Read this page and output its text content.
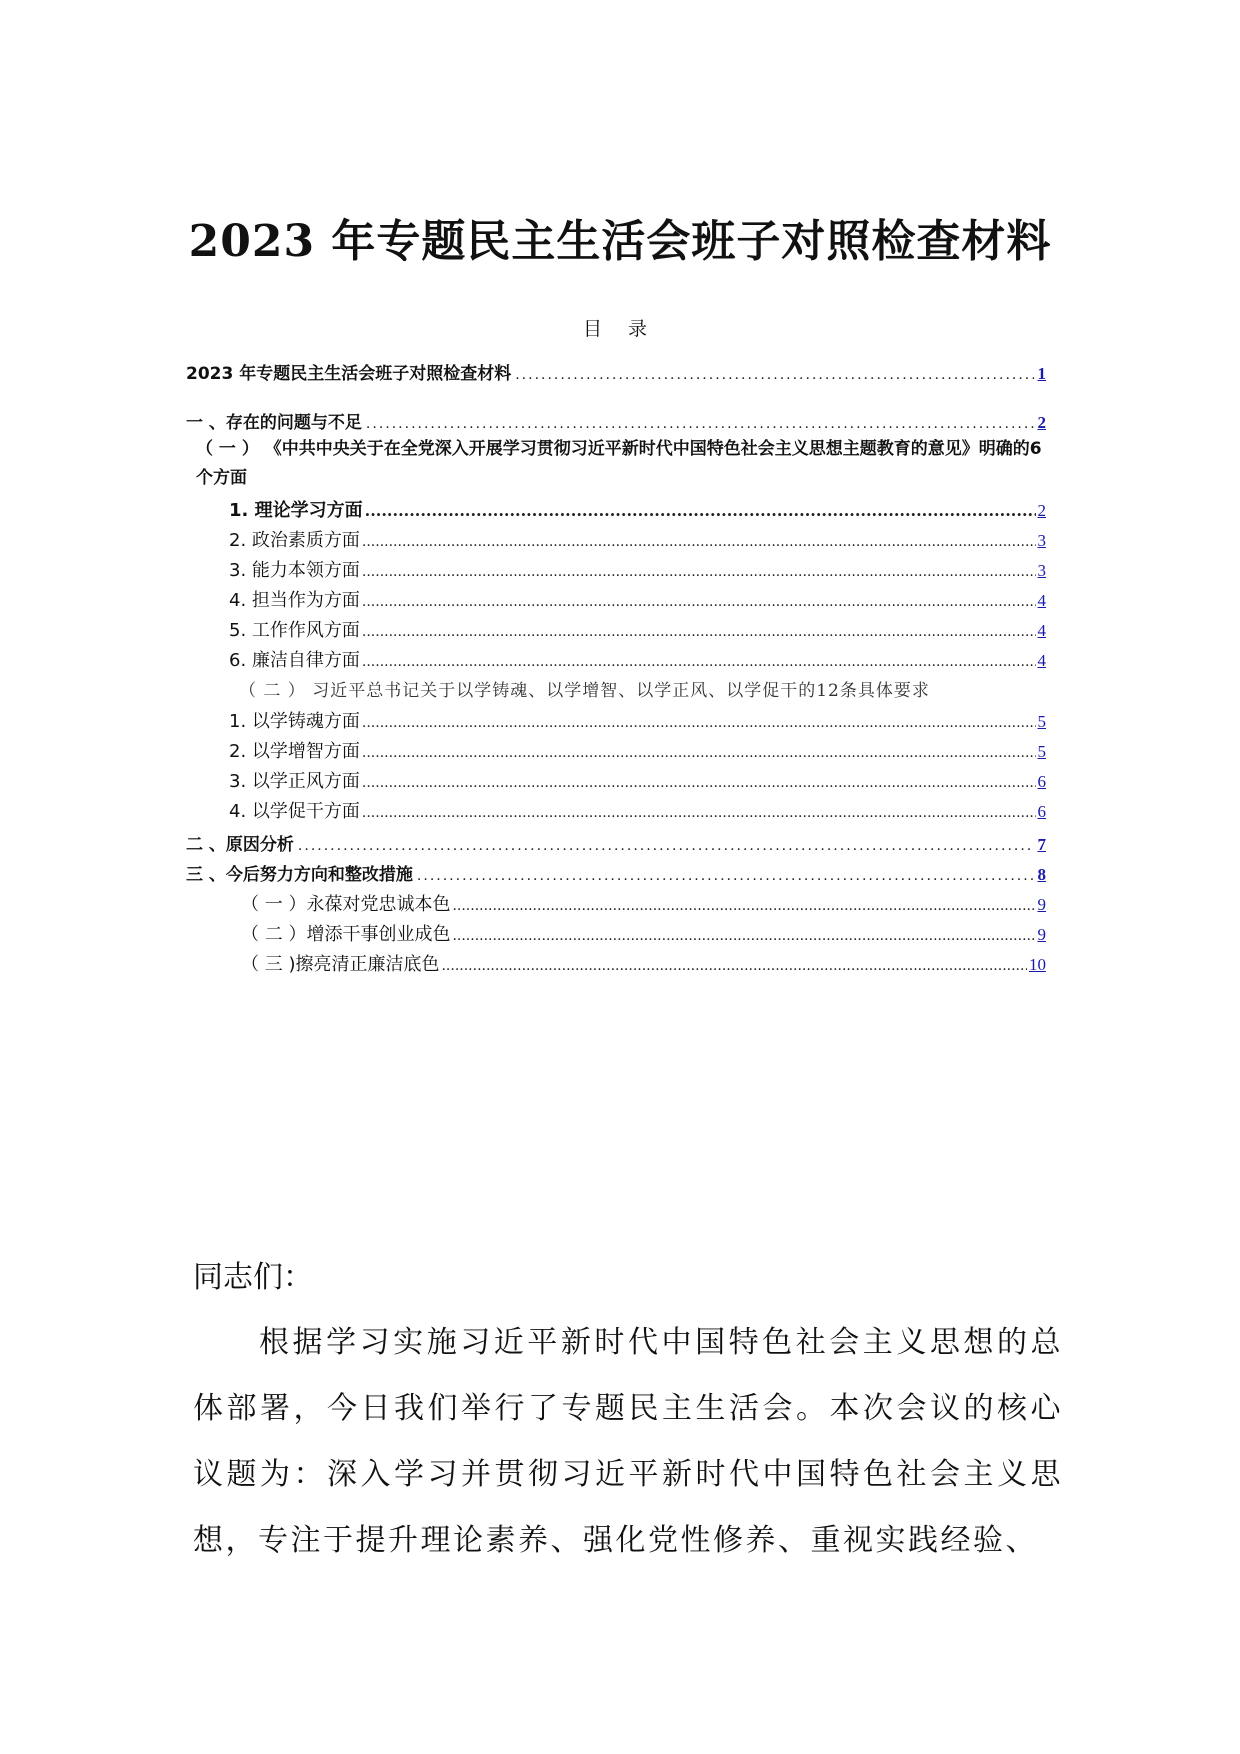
2023 年专题民主生活会班子对照检查材料
目 录
2023 年专题民主生活会班子对照检查材料 .....	1
一 、存在的问题与不足 .....	2
（ 一 ） 《中共中央关于在全党深入开展学习贯彻习近平新时代中国特色社会主义思想主题教育的意见》明确的6个方面
1. 理论学习方面 .....	2
2. 政治素质方面 .....	3
3. 能力本领方面 .....	3
4. 担当作为方面 .....	4
5. 工作作风方面 .....	4
6. 廉洁自律方面 .....	4
（ 二 ） 习近平总书记关于以学铸魂、以学增智、以学正风、以学促干的12条具体要求
1. 以学铸魂方面 .....	5
2. 以学增智方面 .....	5
3. 以学正风方面 .....	6
4. 以学促干方面 .....	6
二 、原因分析 .....	7
三 、今后努力方向和整改措施 .....	8
（ 一 ）永葆对党忠诚本色 .....	9
（ 二 ）增添干事创业成色 .....	9
（ 三 )擦亮清正廉洁底色 .....	10
同志们：
根据学习实施习近平新时代中国特色社会主义思想的总体部署，今日我们举行了专题民主生活会。本次会议的核心议题为：深入学习并贯彻习近平新时代中国特色社会主义思想，专注于提升理论素养、强化党性修养、重视实践经验、
